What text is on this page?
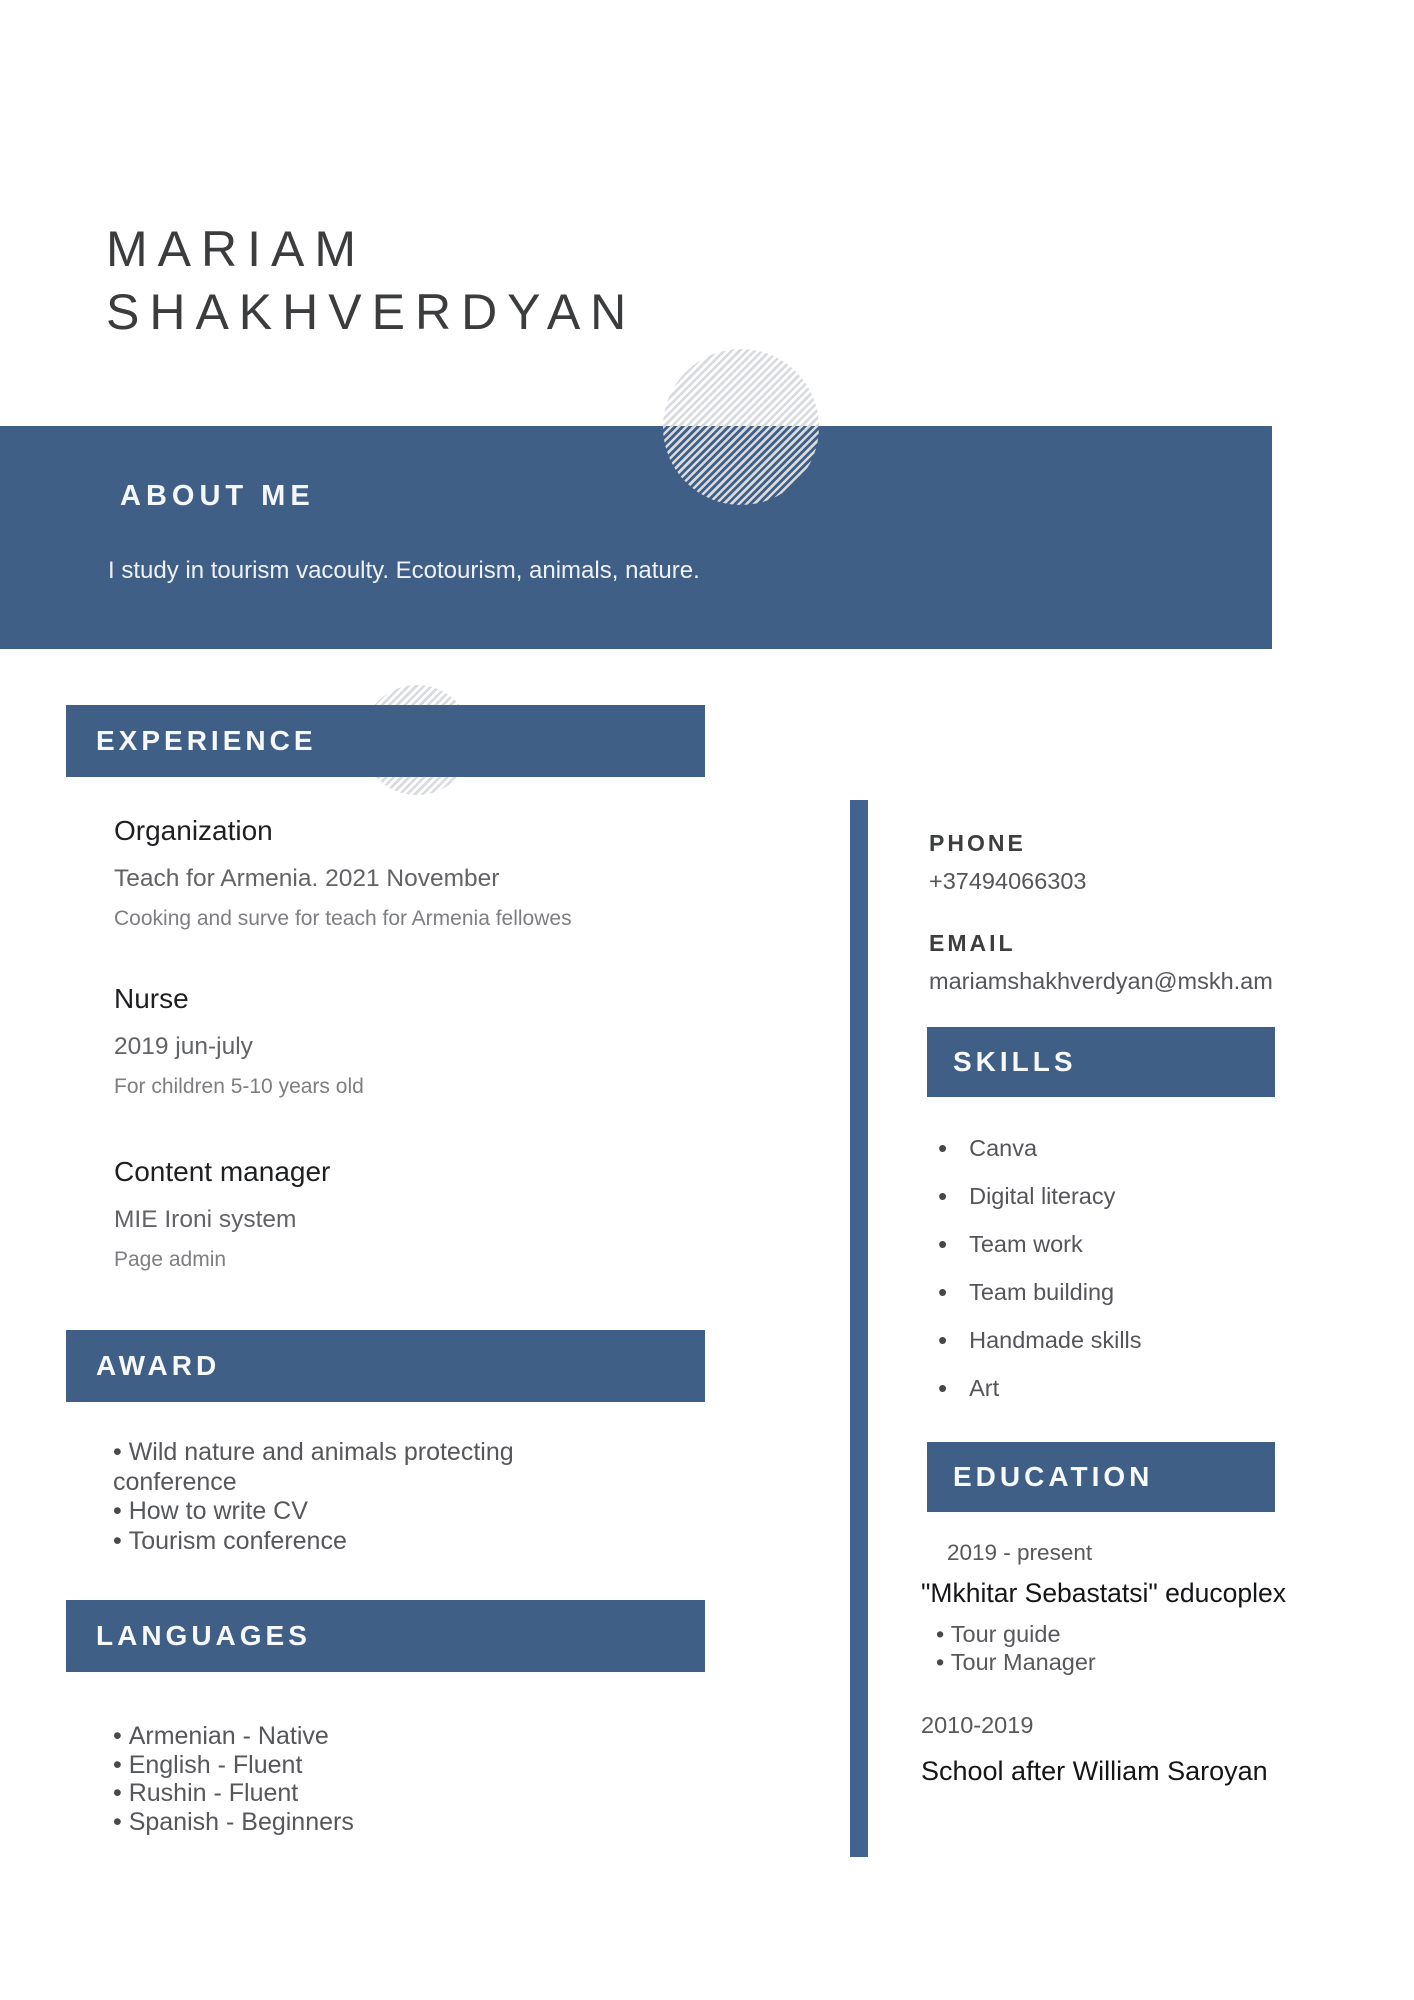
MARIAM
SHAKHVERDYAN
ABOUT ME
I study in tourism vacoulty. Ecotourism, animals, nature.
EXPERIENCE
Organization
Teach for Armenia. 2021 November
Cooking and surve for teach for Armenia fellowes
Nurse
2019 jun-july
For children 5-10 years old
Content manager
MIE Ironi system
Page admin
AWARD
• Wild nature and animals protecting conference
• How to write CV
• Tourism conference
LANGUAGES
• Armenian - Native
• English - Fluent
• Rushin - Fluent
• Spanish - Beginners
PHONE
+37494066303
EMAIL
mariamshakhverdyan@mskh.am
SKILLS
• Canva
• Digital literacy
• Team work
• Team building
• Handmade skills
• Art
EDUCATION
2019 - present
"Mkhitar Sebastatsi" educoplex
• Tour guide
• Tour Manager
2010-2019
School after William Saroyan
